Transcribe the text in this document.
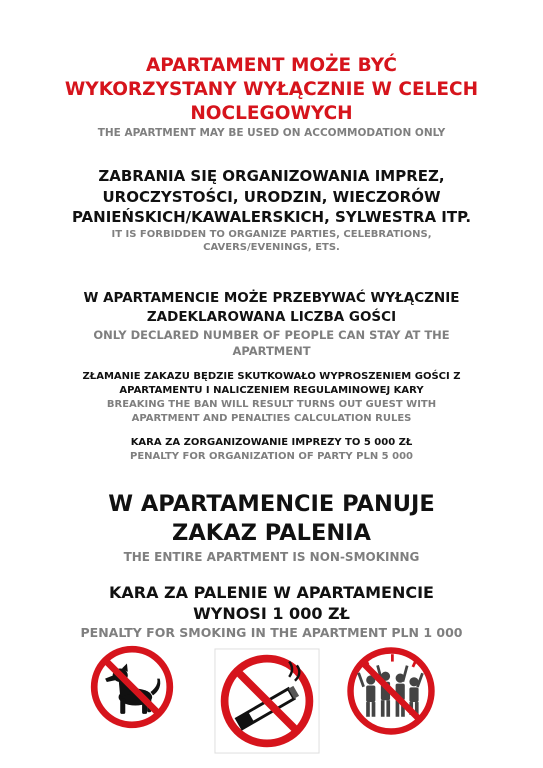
APARTAMENT MOŻE BYĆ
WYKORZYSTANY WYŁĄCZNIE W CELECH
NOCLEGOWYCH
THE APARTMENT MAY BE USED ON ACCOMMODATION ONLY
ZABRANIA SIĘ ORGANIZOWANIA IMPREZ,
UROCZYSTOŚCI, URODZIN, WIECZORÓW
PANIEŃSKICH/KAWALERSKICH, SYLWESTRA ITP.
IT IS FORBIDDEN TO ORGANIZE PARTIES, CELEBRATIONS,
CAVERS/EVENINGS, ETS.
W APARTAMENCIE MOŻE PRZEBYWAĆ WYŁĄCZNIE
ZADEKLAROWANA LICZBA GOŚCI
ONLY DECLARED NUMBER OF PEOPLE CAN STAY AT THE
APARTMENT
ZŁAMANIE ZAKAZU BĘDZIE SKUTKOWAŁO WYPROSZENIEM GOŚCI Z
APARTAMENTU I NALICZENIEM REGULAMINOWEJ KARY
BREAKING THE BAN WILL RESULT TURNS OUT GUEST WITH
APARTMENT AND PENALTIES CALCULATION RULES
KARA ZA ZORGANIZOWANIE IMPREZY TO 5 000 ZŁ
PENALTY FOR ORGANIZATION OF PARTY PLN 5 000
W APARTAMENCIE PANUJE
ZAKAZ PALENIA
THE ENTIRE APARTMENT IS NON-SMOKINNG
KARA ZA PALENIE W APARTAMENCIE
WYNOSI 1 000 ZŁ
PENALTY FOR SMOKING IN THE APARTMENT PLN 1 000
